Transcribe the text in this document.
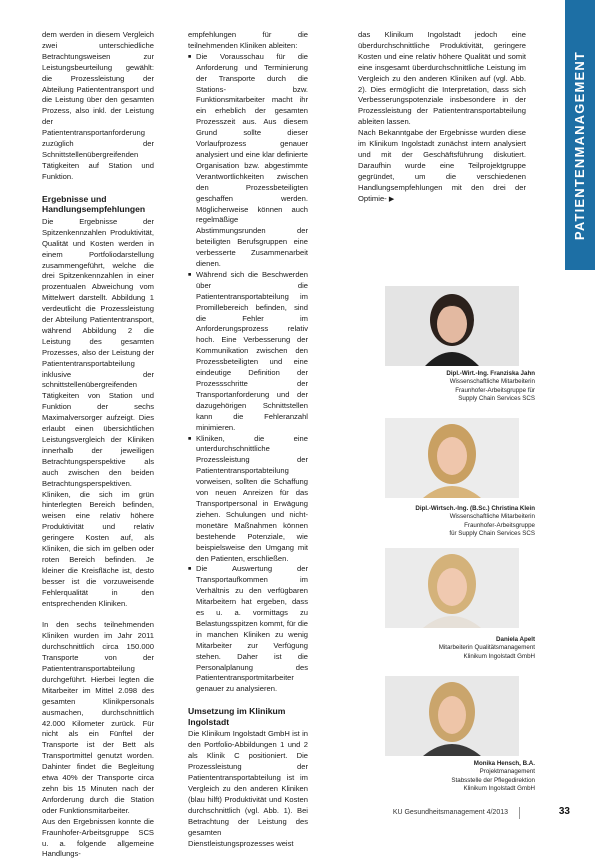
PATIENTENMANAGEMENT

dem werden in diesem Vergleich zwei unterschiedliche Betrachtungsweisen zur Leistungsbeurteilung gewählt: die Prozessleistung der Abteilung Patiententransport und die Leistung über den gesamten Prozess, also inkl. der Leistung der Patiententransportanforderung zuzüglich der Schnittstellenübergreifenden Tätigkeiten auf Station und Funktion.

Ergebnisse und Handlungsempfehlungen

Die Ergebnisse der Spitzenkennzahlen Produktivität, Qualität und Kosten werden in einem Portfoliodarstellung zusammengeführt, welche die drei Spitzenkennzahlen in einer prozentualen Abweichung vom Mittelwert darstellt. Abbildung 1 verdeutlicht die Prozessleistung der Abteilung Patiententransport, während Abbildung 2 die Leistung des gesamten Prozesses, also der Leistung der Patiententransportabteilung inklusive der schnittstellenübergreifenden Tätigkeiten von Station und Funktion der sechs Maximalversorger aufzeigt. Dies erlaubt einen übersichtlichen Leistungsvergleich der Kliniken innerhalb der jeweiligen Betrachtungsperspektive als auch zwischen den beiden Betrachtungsperspektiven. Kliniken, die sich im grün hinterlegten Bereich befinden, weisen eine relativ höhere Produktivität und relativ geringere Kosten auf, als Kliniken, die sich im gelben oder roten Bereich befinden. Je kleiner die Kreisfläche ist, desto besser ist die vorzuweisende Fehlerqualität in den entsprechenden Kliniken.

In den sechs teilnehmenden Kliniken wurden im Jahr 2011 durchschnittlich circa 150.000 Transporte von der Patiententransportabteilung durchgeführt. Hierbei legten die Mitarbeiter im Mittel 2.098 des gesamten Klinikpersonals ausmachen, durchschnittlich 42.000 Kilometer zurück. Für nicht als ein Fünftel der Transporte ist der Bett als Transportmittel genutzt worden. Dahinter findet die Begleitung etwa 40% der Transporte circa zehn bis 15 Minuten nach der Anforderung durch die Station oder Funktionsmitarbeiter.

Aus den Ergebnissen konnte die Fraunhofer-Arbeitsgruppe SCS u. a. folgende allgemeine Handlungs-

empfehlungen für die teilnehmenden Kliniken ableiten:

■ Die Vorausschau für die Anforderung und Terminierung der Transporte durch die Stations- bzw. Funktionsmitarbeiter macht ihr ein erheblich der gesamten Prozesszeit aus. Aus diesem Grund sollte dieser Vorlaufprozess genauer analysiert und eine klar definierte Organisation bzw. abgestimmte Verantwortlichkeiten zwischen den Prozessbeteiligten geschaffen werden. Möglicherweise können auch regelmäßige Abstimmungsrunden der beteiligten Berufsgruppen eine verbesserte Zusammenarbeit dienen.
■ Während sich die Beschwerden über die Patiententransportabteilung im Promillebereich befinden, sind die Fehler im Anforderungsprozess relativ hoch. Eine Verbesserung der Kommunikation zwischen den Prozessbeteiligten und eine eindeutige Definition der Prozessschritte der Transportanforderung und der dazugehörigen Schnittstellen kann die Fehleranzahl minimieren.
■ Kliniken, die eine unterdurchschnittliche Prozessleistung der Patiententransportabteilung vorweisen, sollten die Schaffung von neuen Anreizen für das Transportpersonal in Erwägung ziehen. Schulungen und nicht-monetäre Maßnahmen können bestehende Potenziale, wie beispielsweise den Umgang mit den Patienten, erschließen.
■ Die Auswertung der Transportaufkommen im Verhältnis zu den verfügbaren Mitarbeitern hat ergeben, dass es u. a. vormittags zu Belastungsspitzen kommt, für die in manchen Kliniken zu wenig Mitarbeiter zur Verfügung stehen. Daher ist die Personalplanung des Patiententransportmitarbeiter genauer zu analysieren.
Umsetzung im Klinikum Ingolstadt

Die Klinikum Ingolstadt GmbH ist in den Portfolio-Abbildungen 1 und 2 als Klinik C positioniert. Die Prozessleistung der Patiententransportabteilung ist im Vergleich zu den anderen Kliniken (blau hilft) Produktivität und Kosten durchschnittlich (vgl. Abb. 1). Bei Betrachtung der Leistung des gesamten Dienstleistungsprozesses weist

das Klinikum Ingolstadt jedoch eine überdurchschnittliche Produktivität, geringere Kosten und eine relativ höhere Qualität und somit eine insgesamt überdurchschnittliche Leistung im Vergleich zu den anderen Kliniken auf (vgl. Abb. 2). Dies ermöglicht die Interpretation, dass sich Verbesserungspotenziale insbesondere in der Prozessleistung der Patiententransportabteilung ableiten lassen.

Nach Bekanntgabe der Ergebnisse wurden diese im Klinikum Ingolstadt zunächst intern analysiert und mit der Geschäftsführung diskutiert. Daraufhin wurde eine Teilprojektgruppe gegründet, um die verschiedenen Handlungsempfehlungen mit den drei der Optimie- ▶

Dipl.-Wirt.-Ing. Franziska Jahn
Wissenschaftliche Mitarbeiterin
Fraunhofer-Arbeitsgruppe für
Supply Chain Services SCS
Dipl.-Wirtsch.-Ing. (B.Sc.) Christina Klein
Wissenschaftliche Mitarbeiterin
Fraunhofer-Arbeitsgruppe
für Supply Chain Services SCS
Daniela Apelt
Mitarbeiterin Qualitätsmanagement
Klinikum Ingolstadt GmbH
Monika Hensch, B.A.
Projektmanagement
Stabsstelle der Pflegedirektion
Klinikum Ingolstadt GmbH
KU Gesundheitsmanagement 4/2013	33
